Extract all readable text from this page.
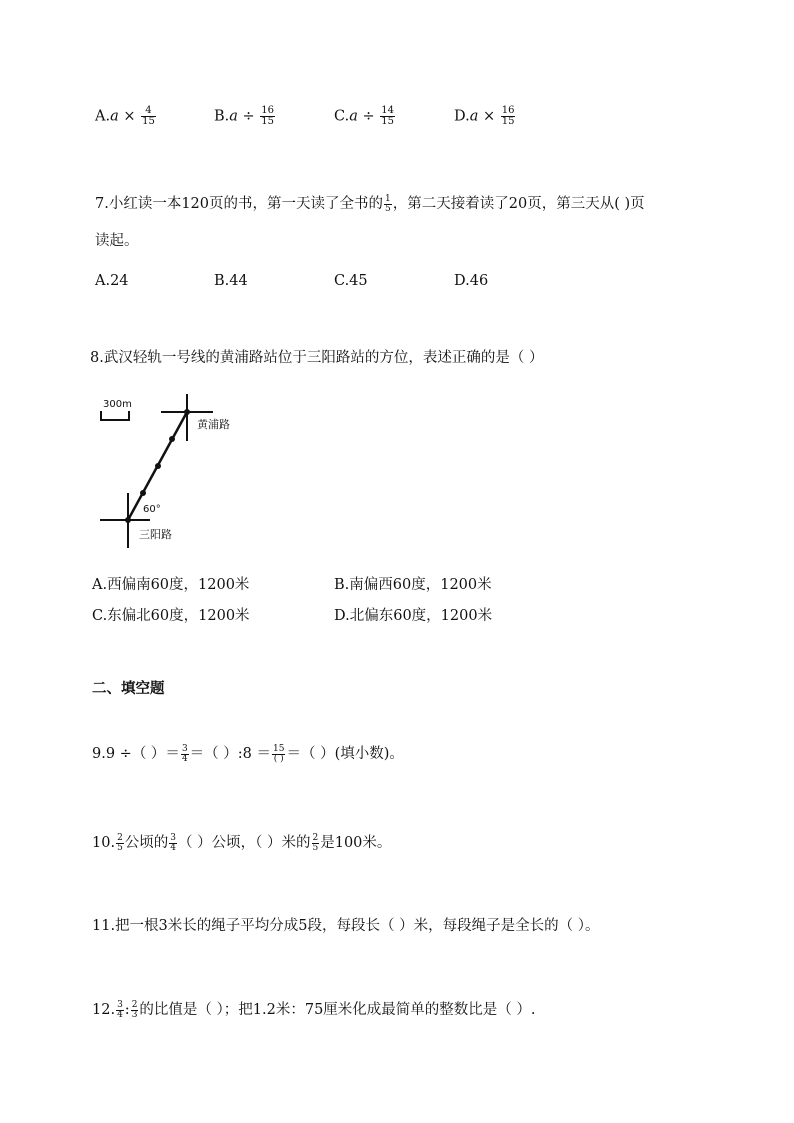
$A.a \times \frac{4}{15}$	$B.a \div \frac{16}{15}$	$C.a \div \frac{14}{15}$	$D.a \times \frac{16}{15}$
7.小红读一本120页的书，第一天读了全书的 $\frac{1}{5}$ ，第二天接着读了20页，第三天从( )页
读起。
A.24	B.44	C.45	D.46
8.武汉轻轨一号线的黄浦路站位于三阳路站的方位，表述正确的是（ ）
300m
黄浦路
三阳路
60°
A.西偏南60度，1200米	B.南偏西60度，1200米
C.东偏北60度，1200米	D.北偏东60度，1200米
二、填空题
9.9 ÷（ ）＝ $\frac{3}{4}$ ＝（ ）:8 ＝ $\frac{15}{( )}$ ＝（ ）(填小数)。
10. $\frac{2}{5}$ 公顷的 $\frac{3}{4}$ （ ）公顷，（ ）米的 $\frac{2}{5}$ 是100米。
11.把一根3米长的绳子平均分成5段，每段长（ ）米，每段绳子是全长的（ ）。
12. $\frac{3}{4}$ : $\frac{2}{3}$ 的比值是（ ）；把1.2米：75厘米化成最简单的整数比是（ ）.
